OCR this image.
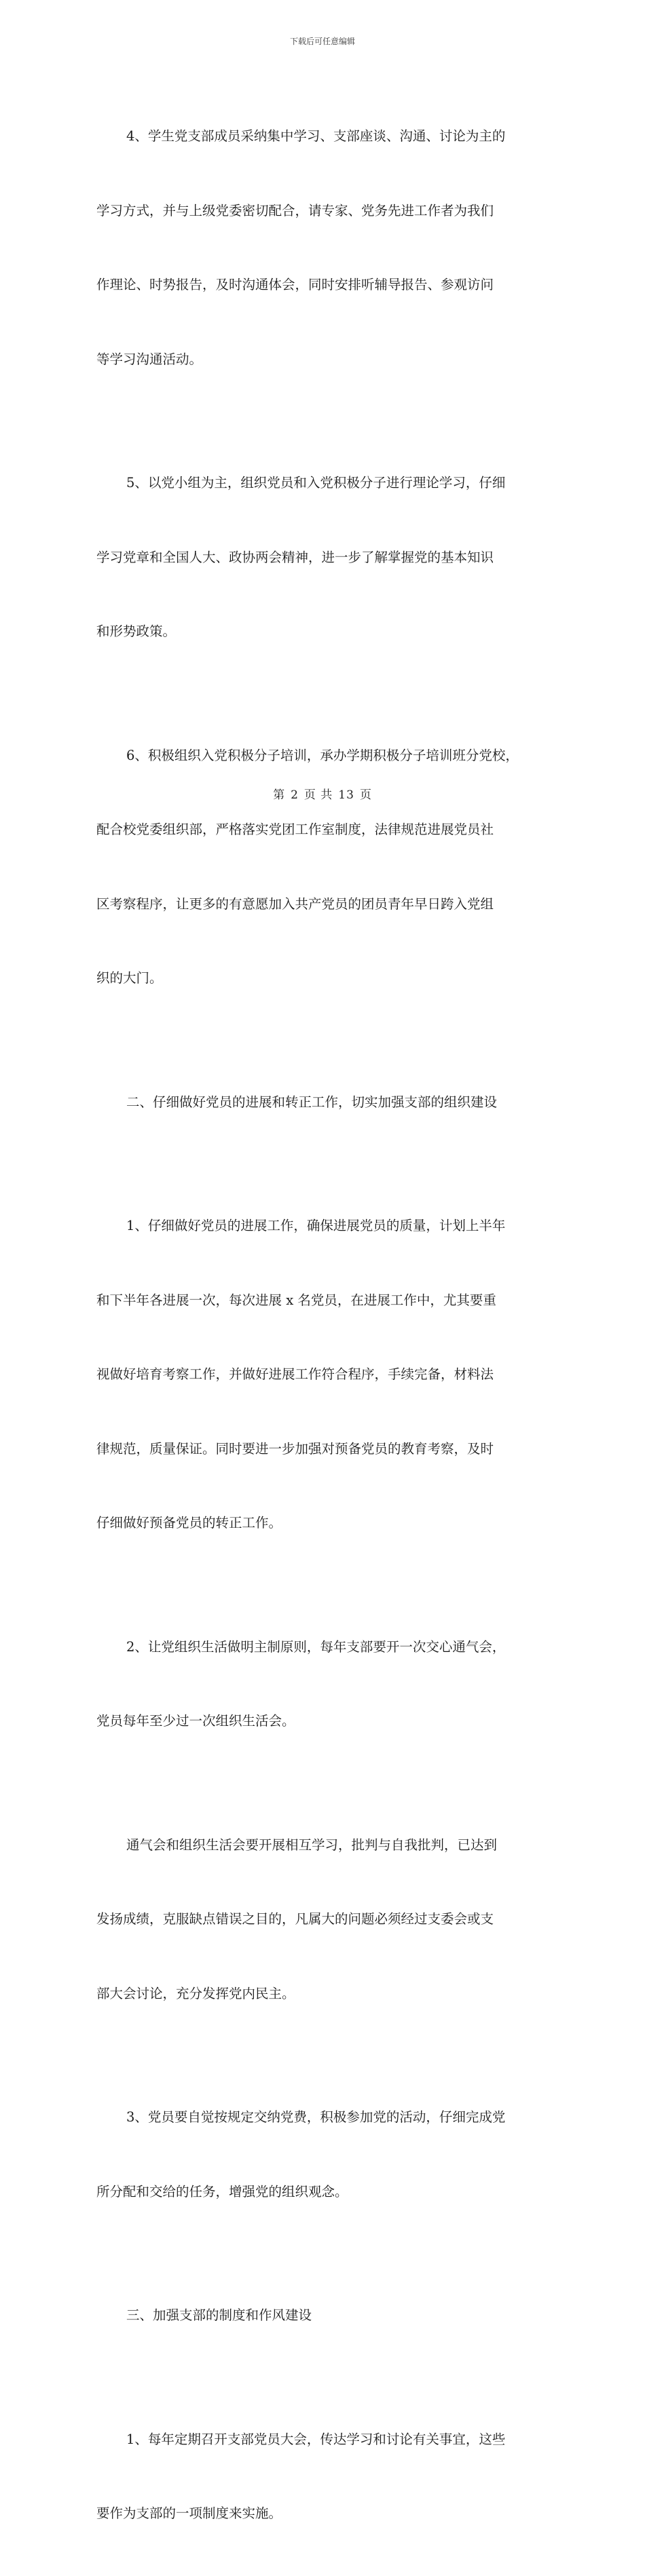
下载后可任意编辑

4、学生党支部成员采纳集中学习、支部座谈、沟通、讨论为主的

学习方式，并与上级党委密切配合，请专家、党务先进工作者为我们

作理论、时势报告，及时沟通体会，同时安排听辅导报告、参观访问

等学习沟通活动。

5、以党小组为主，组织党员和入党积极分子进行理论学习，仔细

学习党章和全国人大、政协两会精神，进一步了解掌握党的基本知识

和形势政策。

6、积极组织入党积极分子培训，承办学期积极分子培训班分党校，

配合校党委组织部，严格落实党团工作室制度，法律规范进展党员社

区考察程序，让更多的有意愿加入共产党员的团员青年早日跨入党组

织的大门。

二、仔细做好党员的进展和转正工作，切实加强支部的组织建设

1、仔细做好党员的进展工作，确保进展党员的质量，计划上半年

和下半年各进展一次，每次进展 x 名党员，在进展工作中，尤其要重

视做好培育考察工作，并做好进展工作符合程序，手续完备，材料法

律规范，质量保证。同时要进一步加强对预备党员的教育考察，及时

仔细做好预备党员的转正工作。

2、让党组织生活做明主制原则，每年支部要开一次交心通气会，

党员每年至少过一次组织生活会。

通气会和组织生活会要开展相互学习，批判与自我批判，已达到

发扬成绩，克服缺点错误之目的，凡属大的问题必须经过支委会或支

部大会讨论，充分发挥党内民主。

3、党员要自觉按规定交纳党费，积极参加党的活动，仔细完成党

所分配和交给的任务，增强党的组织观念。

三、加强支部的制度和作风建设

1、每年定期召开支部党员大会，传达学习和讨论有关事宜，这些

要作为支部的一项制度来实施。

第 2 页 共 13 页
